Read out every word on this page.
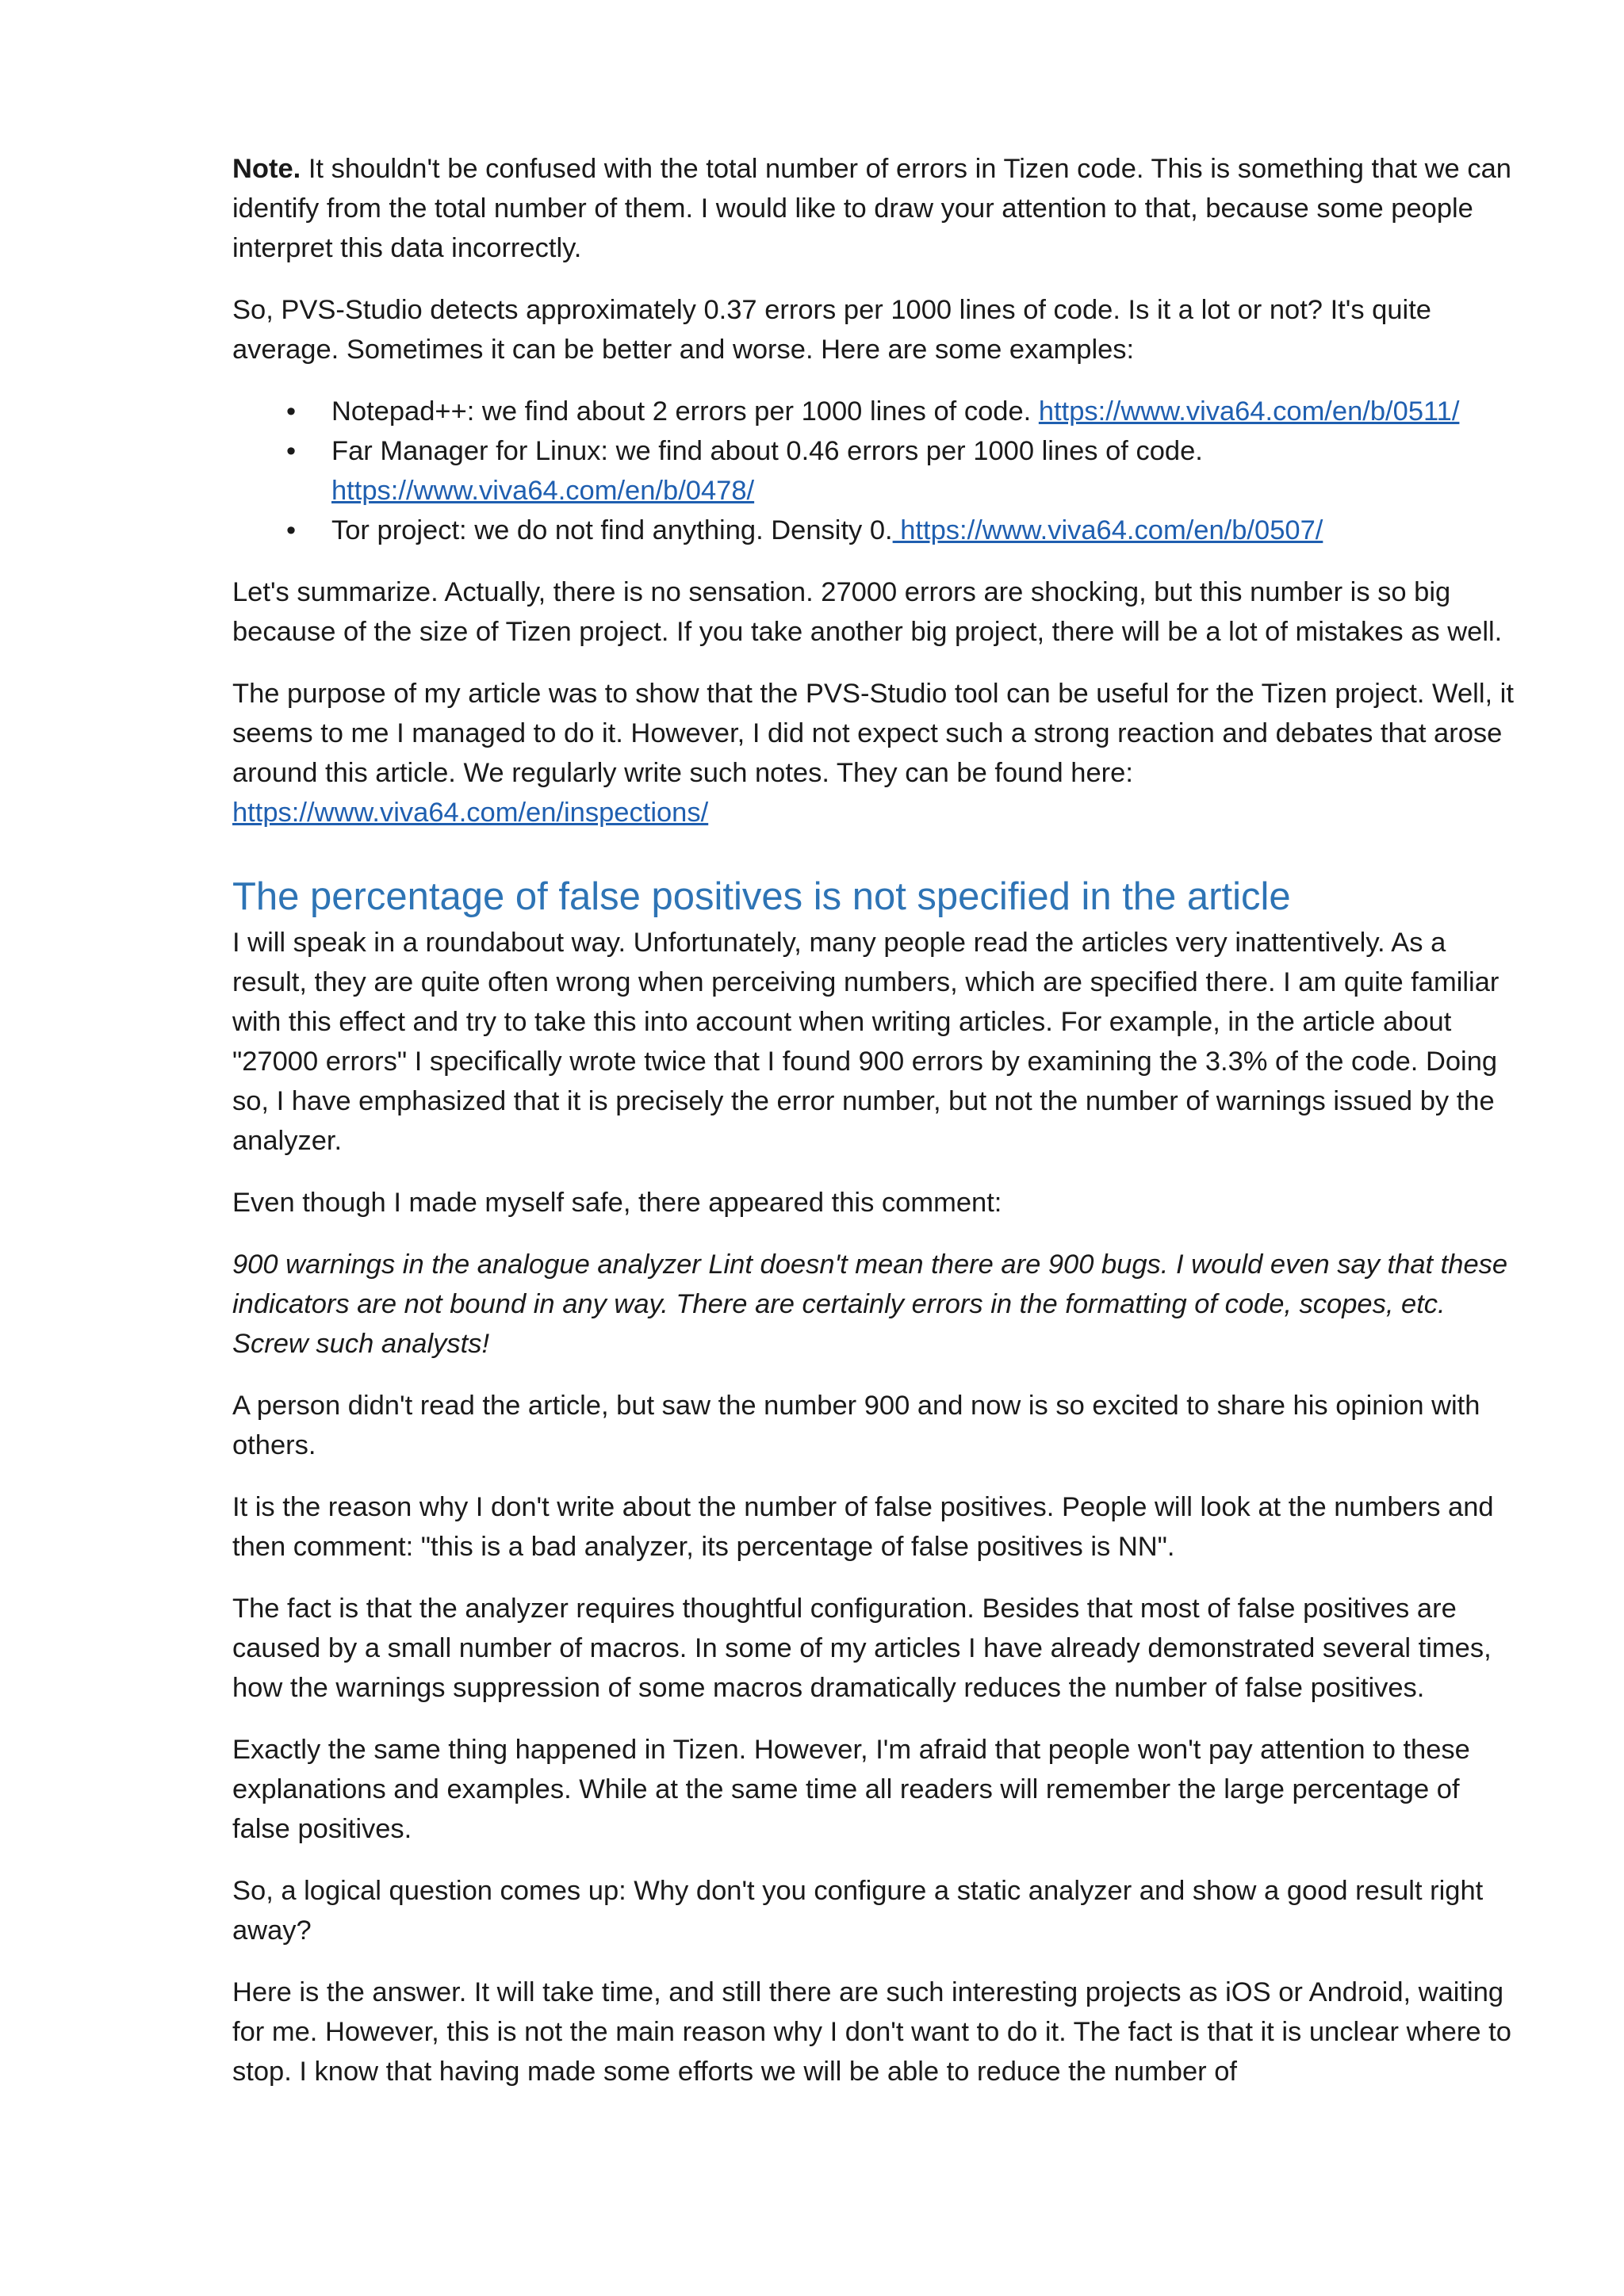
Note. It shouldn't be confused with the total number of errors in Tizen code. This is something that we can identify from the total number of them. I would like to draw your attention to that, because some people interpret this data incorrectly.

So, PVS-Studio detects approximately 0.37 errors per 1000 lines of code. Is it a lot or not? It's quite average. Sometimes it can be better and worse. Here are some examples:

• Notepad++: we find about 2 errors per 1000 lines of code. https://www.viva64.com/en/b/0511/
• Far Manager for Linux: we find about 0.46 errors per 1000 lines of code. https://www.viva64.com/en/b/0478/
• Tor project: we do not find anything. Density 0. https://www.viva64.com/en/b/0507/

Let's summarize. Actually, there is no sensation. 27000 errors are shocking, but this number is so big because of the size of Tizen project. If you take another big project, there will be a lot of mistakes as well.

The purpose of my article was to show that the PVS-Studio tool can be useful for the Tizen project. Well, it seems to me I managed to do it. However, I did not expect such a strong reaction and debates that arose around this article. We regularly write such notes. They can be found here: https://www.viva64.com/en/inspections/

The percentage of false positives is not specified in the article

I will speak in a roundabout way. Unfortunately, many people read the articles very inattentively. As a result, they are quite often wrong when perceiving numbers, which are specified there. I am quite familiar with this effect and try to take this into account when writing articles. For example, in the article about "27000 errors" I specifically wrote twice that I found 900 errors by examining the 3.3% of the code. Doing so, I have emphasized that it is precisely the error number, but not the number of warnings issued by the analyzer.

Even though I made myself safe, there appeared this comment:

900 warnings in the analogue analyzer Lint doesn't mean there are 900 bugs. I would even say that these indicators are not bound in any way. There are certainly errors in the formatting of code, scopes, etc. Screw such analysts!

A person didn't read the article, but saw the number 900 and now is so excited to share his opinion with others.

It is the reason why I don't write about the number of false positives. People will look at the numbers and then comment: "this is a bad analyzer, its percentage of false positives is NN".

The fact is that the analyzer requires thoughtful configuration. Besides that most of false positives are caused by a small number of macros. In some of my articles I have already demonstrated several times, how the warnings suppression of some macros dramatically reduces the number of false positives.

Exactly the same thing happened in Tizen. However, I'm afraid that people won't pay attention to these explanations and examples. While at the same time all readers will remember the large percentage of false positives.

So, a logical question comes up: Why don't you configure a static analyzer and show a good result right away?

Here is the answer. It will take time, and still there are such interesting projects as iOS or Android, waiting for me. However, this is not the main reason why I don't want to do it. The fact is that it is unclear where to stop. I know that having made some efforts we will be able to reduce the number of
